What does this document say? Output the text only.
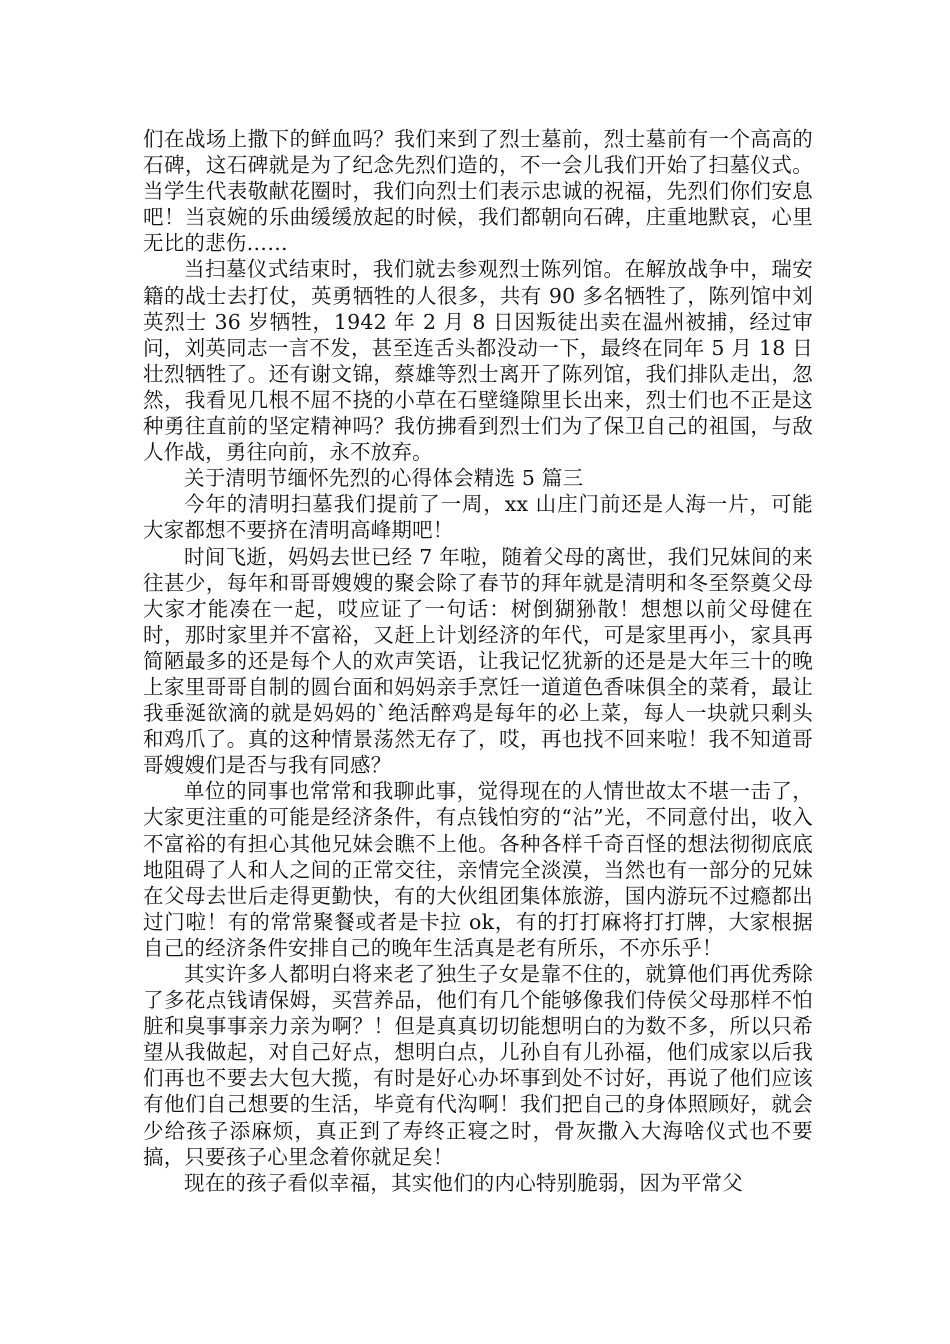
们在战场上撒下的鲜血吗？我们来到了烈士墓前，烈士墓前有一个高高的石碑，这石碑就是为了纪念先烈们造的，不一会儿我们开始了扫墓仪式。当学生代表敬献花圈时，我们向烈士们表示忠诚的祝福，先烈们你们安息吧！当哀婉的乐曲缓缓放起的时候，我们都朝向石碑，庄重地默哀，心里无比的悲伤……

当扫墓仪式结束时，我们就去参观烈士陈列馆。在解放战争中，瑞安籍的战士去打仗，英勇牺牲的人很多，共有 90 多名牺牲了，陈列馆中刘英烈士 36 岁牺牲，1942 年 2 月 8 日因叛徒出卖在温州被捕，经过审问，刘英同志一言不发，甚至连舌头都没动一下，最终在同年 5 月 18 日壮烈牺牲了。还有谢文锦，蔡雄等烈士离开了陈列馆，我们排队走出，忽然，我看见几根不屈不挠的小草在石壁缝隙里长出来，烈士们也不正是这种勇往直前的坚定精神吗？我仿拂看到烈士们为了保卫自己的祖国，与敌人作战，勇往向前，永不放弃。

关于清明节缅怀先烈的心得体会精选 5 篇三

今年的清明扫墓我们提前了一周，xx 山庄门前还是人海一片，可能大家都想不要挤在清明高峰期吧！

时间飞逝，妈妈去世已经 7 年啦，随着父母的离世，我们兄妹间的来往甚少，每年和哥哥嫂嫂的聚会除了春节的拜年就是清明和冬至祭奠父母大家才能凑在一起，哎应证了一句话：树倒猢狲散！想想以前父母健在时，那时家里并不富裕，又赶上计划经济的年代，可是家里再小，家具再简陋最多的还是每个人的欢声笑语，让我记忆犹新的还是是大年三十的晚上家里哥哥自制的圆台面和妈妈亲手烹饪一道道色香味俱全的菜肴，最让我垂涎欲滴的就是妈妈的`绝活醉鸡是每年的必上菜，每人一块就只剩头和鸡爪了。真的这种情景荡然无存了，哎，再也找不回来啦！我不知道哥哥嫂嫂们是否与我有同感？

单位的同事也常常和我聊此事，觉得现在的人情世故太不堪一击了，大家更注重的可能是经济条件，有点钱怕穷的“沾”光，不同意付出，收入不富裕的有担心其他兄妹会瞧不上他。各种各样千奇百怪的想法彻彻底底地阻碍了人和人之间的正常交往，亲情完全淡漠，当然也有一部分的兄妹在父母去世后走得更勤快，有的大伙组团集体旅游，国内游玩不过瘾都出过门啦！有的常常聚餐或者是卡拉 ok，有的打打麻将打打牌，大家根据自己的经济条件安排自己的晚年生活真是老有所乐，不亦乐乎！

其实许多人都明白将来老了独生子女是靠不住的，就算他们再优秀除了多花点钱请保姆，买营养品，他们有几个能够像我们侍侯父母那样不怕脏和臭事事亲力亲为啊？！但是真真切切能想明白的为数不多，所以只希望从我做起，对自己好点，想明白点，儿孙自有儿孙福，他们成家以后我们再也不要去大包大揽，有时是好心办坏事到处不讨好，再说了他们应该有他们自己想要的生活，毕竟有代沟啊！我们把自己的身体照顾好，就会少给孩子添麻烦，真正到了寿终正寝之时，骨灰撒入大海啥仪式也不要搞，只要孩子心里念着你就足矣！

现在的孩子看似幸福，其实他们的内心特别脆弱，因为平常父
